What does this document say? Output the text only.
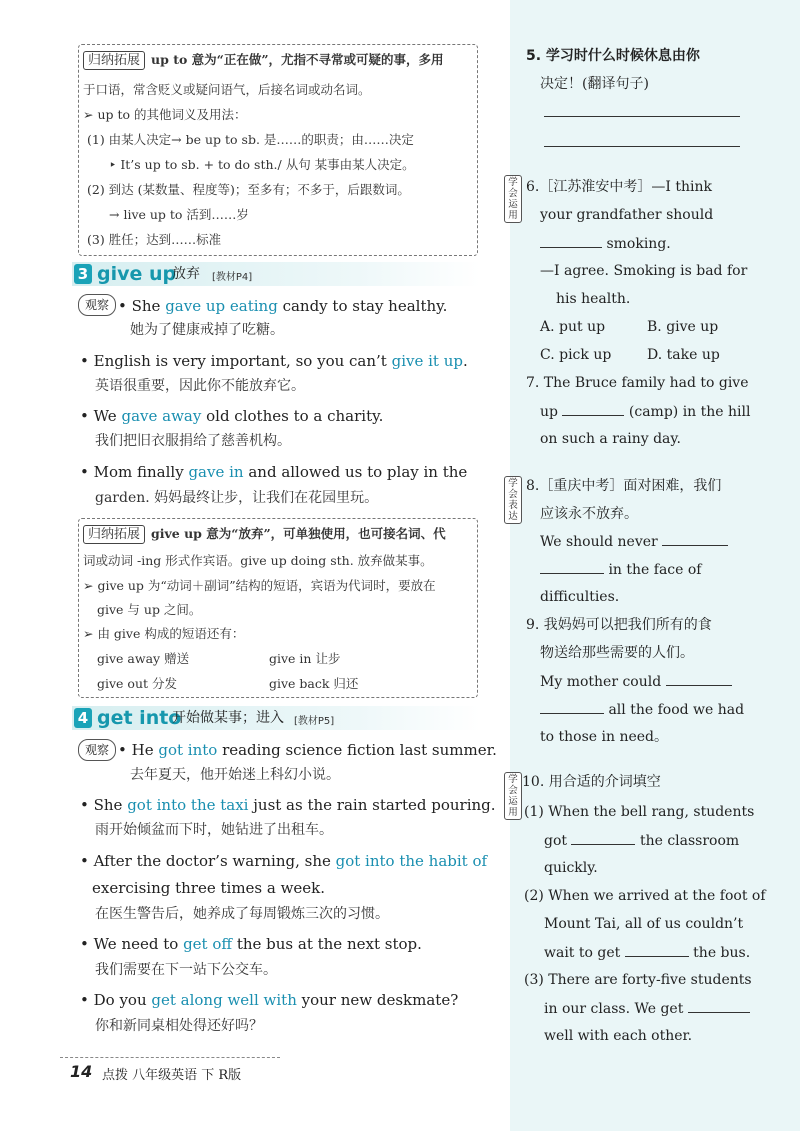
归纳拓展 up to 意为“正在做”，尤指不寻常或可疑的事，多用
于口语，常含贬义或疑问语气，后接名词或动名词。
➢ up to 的其他词义及用法：
(1) 由某人决定→ be up to sb. 是……的职责；由……决定
‣ It’s up to sb. + to do sth./ 从句 某事由某人决定。
(2) 到达 (某数量、程度等)；至多有；不多于，后跟数词。
→ live up to 活到……岁
(3) 胜任；达到……标准
3 give up
放弃 [教材P4]
观察 • She gave up eating candy to stay healthy.
她为了健康戒掉了吃糖。
• English is very important, so you can’t give it up.
英语很重要，因此你不能放弃它。
• We gave away old clothes to a charity.
我们把旧衣服捐给了慈善机构。
• Mom finally gave in and allowed us to play in the
garden. 妈妈最终让步，让我们在花园里玩。
归纳拓展 give up 意为“放弃”，可单独使用，也可接名词、代
词或动词 -ing 形式作宾语。give up doing sth. 放弃做某事。
➢ give up 为“动词＋副词”结构的短语，宾语为代词时，要放在
give 与 up 之间。
➢ 由 give 构成的短语还有：
give away 赠送	give in 让步
give out 分发	give back 归还
4 get into
开始做某事；进入 [教材P5]
观察 • He got into reading science fiction last summer.
去年夏天，他开始迷上科幻小说。
• She got into the taxi just as the rain started pouring.
雨开始倾盆而下时，她钻进了出租车。
• After the doctor’s warning, she got into the habit of
exercising three times a week.
在医生警告后，她养成了每周锻炼三次的习惯。
• We need to get off the bus at the next stop.
我们需要在下一站下公交车。
• Do you get along well with your new deskmate?
你和新同桌相处得还好吗？
14 点拨 八年级英语 下 R版
5. 学习时什么时候休息由你
决定！(翻译句子)
学会运用
6.［江苏淮安中考］—I think
your grandfather should
smoking.
—I agree. Smoking is bad for
his health.
A. put up	B. give up
C. pick up	D. take up
7. The Bruce family had to give
up	(camp) in the hill
on such a rainy day.
学会表达
8.［重庆中考］面对困难，我们
应该永不放弃。
We should never
in the face of
difficulties.
9. 我妈妈可以把我们所有的食
物送给那些需要的人们。
My mother could
all the food we had
to those in need。
学会运用
10. 用合适的介词填空
(1) When the bell rang, students
got	the classroom
quickly.
(2) When we arrived at the foot of
Mount Tai, all of us couldn’t
wait to get	the bus.
(3) There are forty-five students
in our class. We get
well with each other.
